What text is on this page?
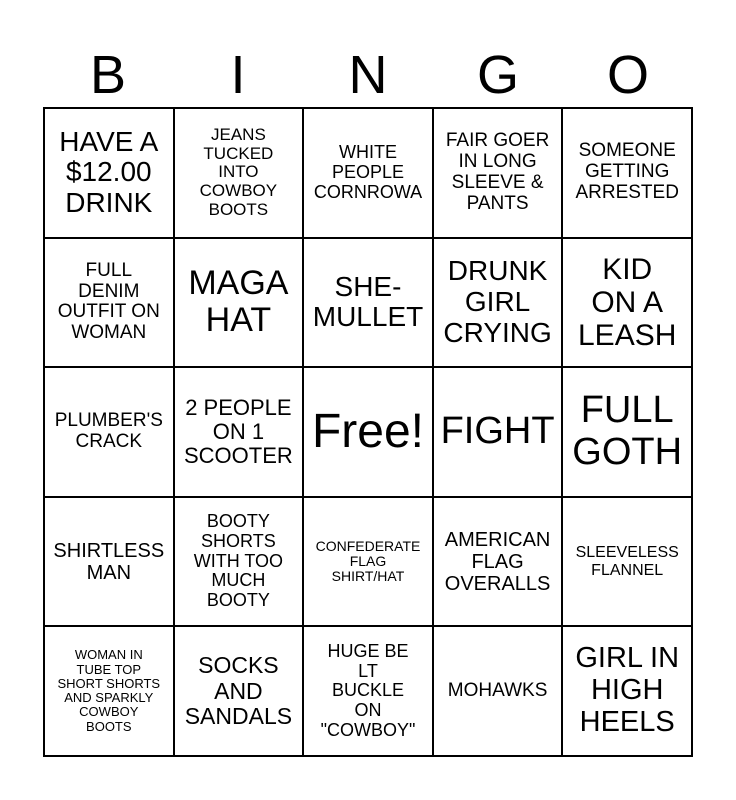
B	I	N	G	O
HAVE A
$12.00
DRINK
JEANS
TUCKED
INTO
COWBOY
BOOTS
WHITE
PEOPLE
CORNROWA
FAIR GOER
IN LONG
SLEEVE &
PANTS
SOMEONE
GETTING
ARRESTED
FULL
DENIM
OUTFIT ON
WOMAN
MAGA
HAT
SHE-
MULLET
DRUNK
GIRL
CRYING
KID
ON A
LEASH
PLUMBER'S
CRACK
2 PEOPLE
ON 1
SCOOTER Free! FIGHT FULL
GOTH
SHIRTLESS
MAN
BOOTY
SHORTS
WITH TOO
MUCH
BOOTY
CONFEDERATE
FLAG
SHIRT/HAT
AMERICAN
FLAG
OVERALLS
SLEEVELESS
FLANNEL
WOMAN IN
TUBE TOP
SHORT SHORTS
AND SPARKLY
COWBOY
BOOTS
SOCKS
AND
SANDALS
HUGE BE
LT
BUCKLE
ON
"COWBOY"
MOHAWKS
GIRL IN
HIGH
HEELS
